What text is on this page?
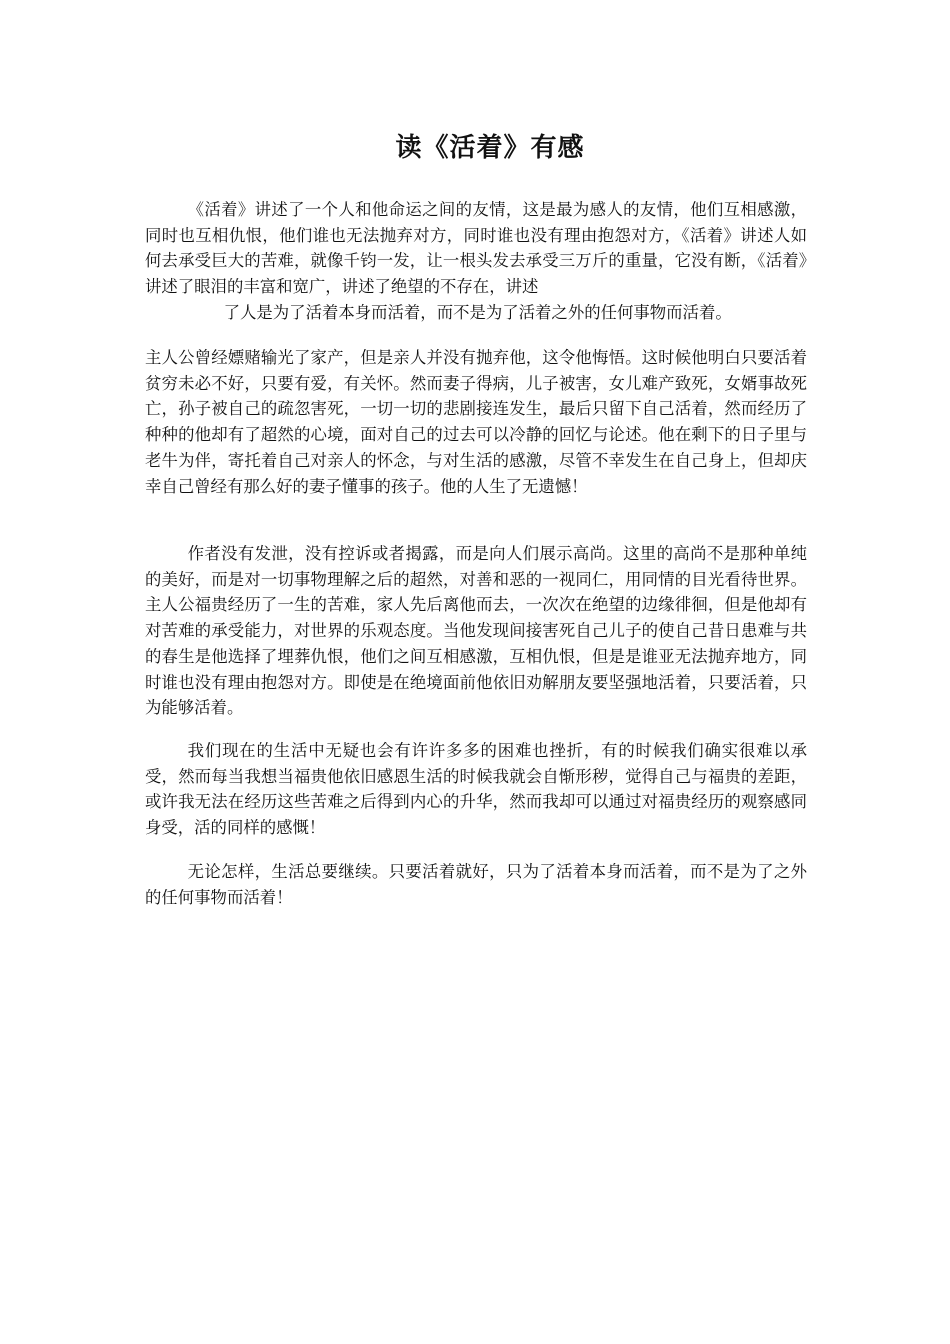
读《活着》有感
《活着》讲述了一个人和他命运之间的友情，这是最为感人的友情，他们互相感激，同时也互相仇恨，他们谁也无法抛弃对方，同时谁也没有理由抱怨对方，《活着》讲述人如何去承受巨大的苦难，就像千钧一发，让一根头发去承受三万斤的重量，它没有断，《活着》讲述了眼泪的丰富和宽广，讲述了绝望的不存在，讲述
了人是为了活着本身而活着，而不是为了活着之外的任何事物而活着。

主人公曾经嫖赌输光了家产，但是亲人并没有抛弃他，这令他悔悟。这时候他明白只要活着贫穷未必不好，只要有爱，有关怀。然而妻子得病，儿子被害，女儿难产致死，女婿事故死亡，孙子被自己的疏忽害死，一切一切的悲剧接连发生，最后只留下自己活着，然而经历了种种的他却有了超然的心境，面对自己的过去可以冷静的回忆与论述。他在剩下的日子里与老牛为伴，寄托着自己对亲人的怀念，与对生活的感激，尽管不幸发生在自己身上，但却庆幸自己曾经有那么好的妻子懂事的孩子。他的人生了无遗憾！

作者没有发泄，没有控诉或者揭露，而是向人们展示高尚。这里的高尚不是那种单纯的美好，而是对一切事物理解之后的超然，对善和恶的一视同仁，用同情的目光看待世界。主人公福贵经历了一生的苦难，家人先后离他而去，一次次在绝望的边缘徘徊，但是他却有对苦难的承受能力，对世界的乐观态度。当他发现间接害死自己儿子的使自己昔日患难与共的春生是他选择了埋葬仇恨，他们之间互相感激，互相仇恨，但是是谁亚无法抛弃地方，同时谁也没有理由抱怨对方。即使是在绝境面前他依旧劝解朋友要坚强地活着，只要活着，只为能够活着。

我们现在的生活中无疑也会有许许多多的困难也挫折，有的时候我们确实很难以承受，然而每当我想当福贵他依旧感恩生活的时候我就会自惭形秽，觉得自己与福贵的差距，或许我无法在经历这些苦难之后得到内心的升华，然而我却可以通过对福贵经历的观察感同身受，活的同样的感慨！

无论怎样，生活总要继续。只要活着就好，只为了活着本身而活着，而不是为了之外的任何事物而活着！
